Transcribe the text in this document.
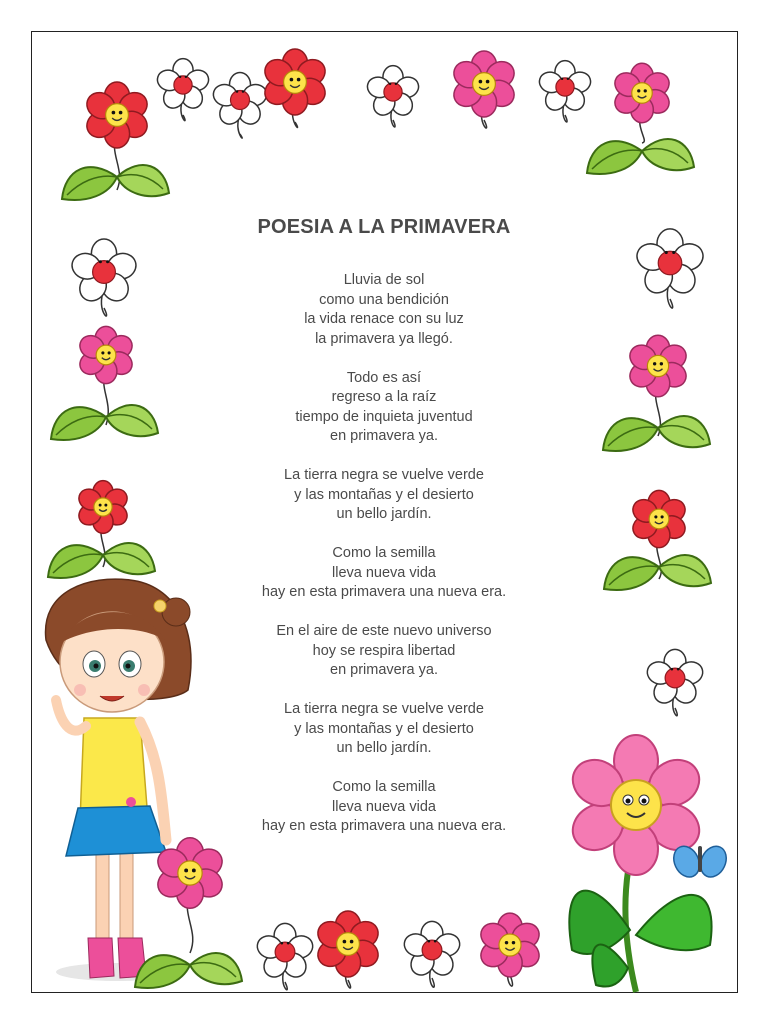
POESIA A LA PRIMAVERA
Lluvia de sol
como una bendición
la vida renace con su luz
la primavera ya llegó.
Todo es así
regreso a la raíz
tiempo de inquieta juventud
en primavera ya.
La tierra negra se vuelve verde
y las montañas y el desierto
un bello jardín.
Como la semilla
lleva nueva vida
hay en esta primavera una nueva era.
En el aire de este nuevo universo
hoy se respira libertad
en primavera ya.
La tierra negra se vuelve verde
y las montañas y el desierto
un bello jardín.
Como la semilla
lleva nueva vida
hay en esta primavera una nueva era.
